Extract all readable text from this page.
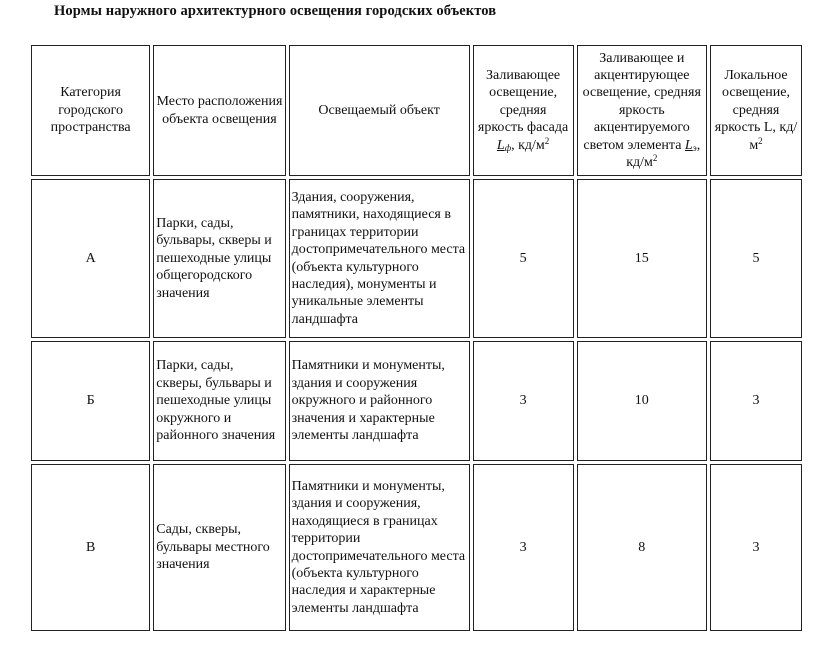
Нормы наружного архитектурного освещения городских объектов
Категория городского пространства	Место расположения объекта освещения	Освещаемый объект	Заливающее освещение, средняя яркость фасада $L_ф$, $кд/м^2$	Заливающее и акцентирующее освещение, средняя яркость акцентируемого светом элемента $L_э$, $кд/м^2$	Локальное освещение, средняя яркость L, $кд/м^2$
А	Парки, сады, бульвары, скверы и пешеходные улицы общегородского значения	Здания, сооружения, памятники, находящиеся в границах территории достопримечательного места (объекта культурного наследия), монументы и уникальные элементы ландшафта	5	15	5
Б	Парки, сады, скверы, бульвары и пешеходные улицы окружного и районного значения	Памятники и монументы, здания и сооружения окружного и районного значения и характерные элементы ландшафта	3	10	3
В	Сады, скверы, бульвары местного значения	Памятники и монументы, здания и сооружения, находящиеся в границах территории достопримечательного места (объекта культурного наследия и характерные элементы ландшафта	3	8	3
